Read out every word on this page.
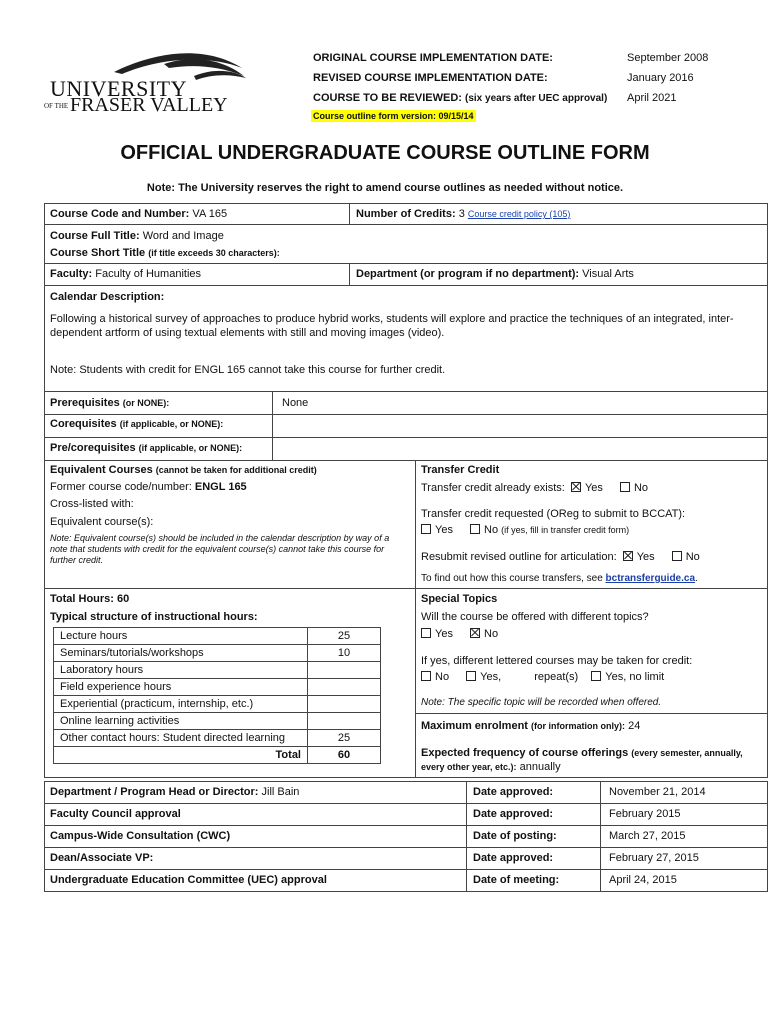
UNIVERSITY
OF THE FRASER VALLEY
ORIGINAL COURSE IMPLEMENTATION DATE:	September 2008
REVISED COURSE IMPLEMENTATION DATE:	January 2016
COURSE TO BE REVIEWED: (six years after UEC approval) April 2021
Course outline form version: 09/15/14
OFFICIAL UNDERGRADUATE COURSE OUTLINE FORM
Note: The University reserves the right to amend course outlines as needed without notice.
Course Code and Number: VA 165	Number of Credits: 3 Course credit policy (105)
Course Full Title: Word and Image
Course Short Title (if title exceeds 30 characters):
Faculty: Faculty of Humanities	Department (or program if no department): Visual Arts
Calendar Description:
Following a historical survey of approaches to produce hybrid works, students will explore and practice the techniques of an integrated, inter-dependent artform of using textual elements with still and moving images (video).
Note: Students with credit for ENGL 165 cannot take this course for further credit.
Prerequisites (or NONE):	None
Corequisites (if applicable, or NONE):
Pre/corequisites (if applicable, or NONE):
Equivalent Courses (cannot be taken for additional credit)
Former course code/number: ENGL 165
Cross-listed with:
Equivalent course(s):
Note: Equivalent course(s) should be included in the calendar description by way of a note that students with credit for the equivalent course(s) cannot take this course for further credit.
Transfer Credit
Transfer credit already exists: Yes	No
Transfer credit requested (OReg to submit to BCCAT):
Yes	No (if yes, fill in transfer credit form)
Resubmit revised outline for articulation: Yes	No
To find out how this course transfers, see bctransferguide.ca.
Total Hours: 60
Typical structure of instructional hours:
Lecture hours	25
Seminars/tutorials/workshops	10
Laboratory hours	
Field experience hours	
Experiential (practicum, internship, etc.)	
Online learning activities	
Other contact hours: Student directed learning	25
Total	60
Special Topics
Will the course be offered with different topics?
Yes	No
If yes, different lettered courses may be taken for credit:
No	Yes,	repeat(s) Yes, no limit
Note: The specific topic will be recorded when offered.
Maximum enrolment (for information only): 24
Expected frequency of course offerings (every semester, annually, every other year, etc.): annually
Department / Program Head or Director: Jill Bain	Date approved:	November 21, 2014
Faculty Council approval	Date approved:	February 2015
Campus-Wide Consultation (CWC)	Date of posting:	March 27, 2015
Dean/Associate VP:	Date approved:	February 27, 2015
Undergraduate Education Committee (UEC) approval	Date of meeting:	April 24, 2015
